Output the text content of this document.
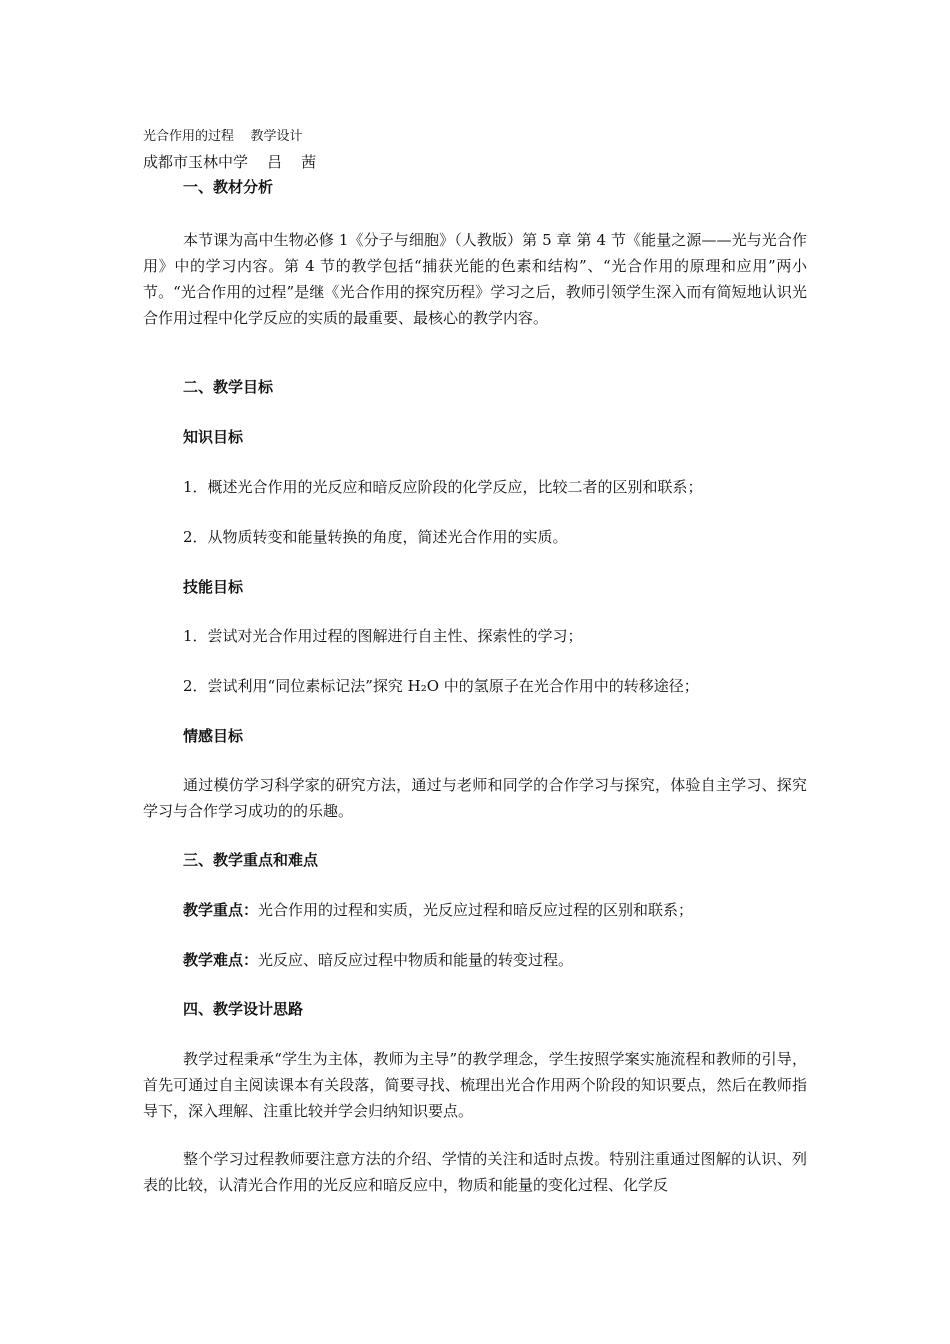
光合作用的过程    教学设计
成都市玉林中学    吕    茜
一、教材分析
本节课为高中生物必修 1《分子与细胞》（人教版）第 5 章 第 4 节《能量之源——光与光合作用》中的学习内容。第 4 节的教学包括“捕获光能的色素和结构”、“光合作用的原理和应用”两小节。“光合作用的过程”是继《光合作用的探究历程》学习之后，教师引领学生深入而有简短地认识光合作用过程中化学反应的实质的最重要、最核心的教学内容。
二、教学目标
知识目标
1．概述光合作用的光反应和暗反应阶段的化学反应，比较二者的区别和联系；
2．从物质转变和能量转换的角度，简述光合作用的实质。
技能目标
1．尝试对光合作用过程的图解进行自主性、探索性的学习；
2．尝试利用“同位素标记法”探究 H₂O 中的氢原子在光合作用中的转移途径；
情感目标
通过模仿学习科学家的研究方法，通过与老师和同学的合作学习与探究，体验自主学习、探究学习与合作学习成功的的乐趣。
三、教学重点和难点
教学重点：光合作用的过程和实质，光反应过程和暗反应过程的区别和联系；
教学难点：光反应、暗反应过程中物质和能量的转变过程。
四、教学设计思路
教学过程秉承“学生为主体，教师为主导”的教学理念，学生按照学案实施流程和教师的引导，首先可通过自主阅读课本有关段落，简要寻找、梳理出光合作用两个阶段的知识要点，然后在教师指导下，深入理解、注重比较并学会归纳知识要点。
整个学习过程教师要注意方法的介绍、学情的关注和适时点拨。特别注重通过图解的认识、列表的比较，认清光合作用的光反应和暗反应中，物质和能量的变化过程、化学反
